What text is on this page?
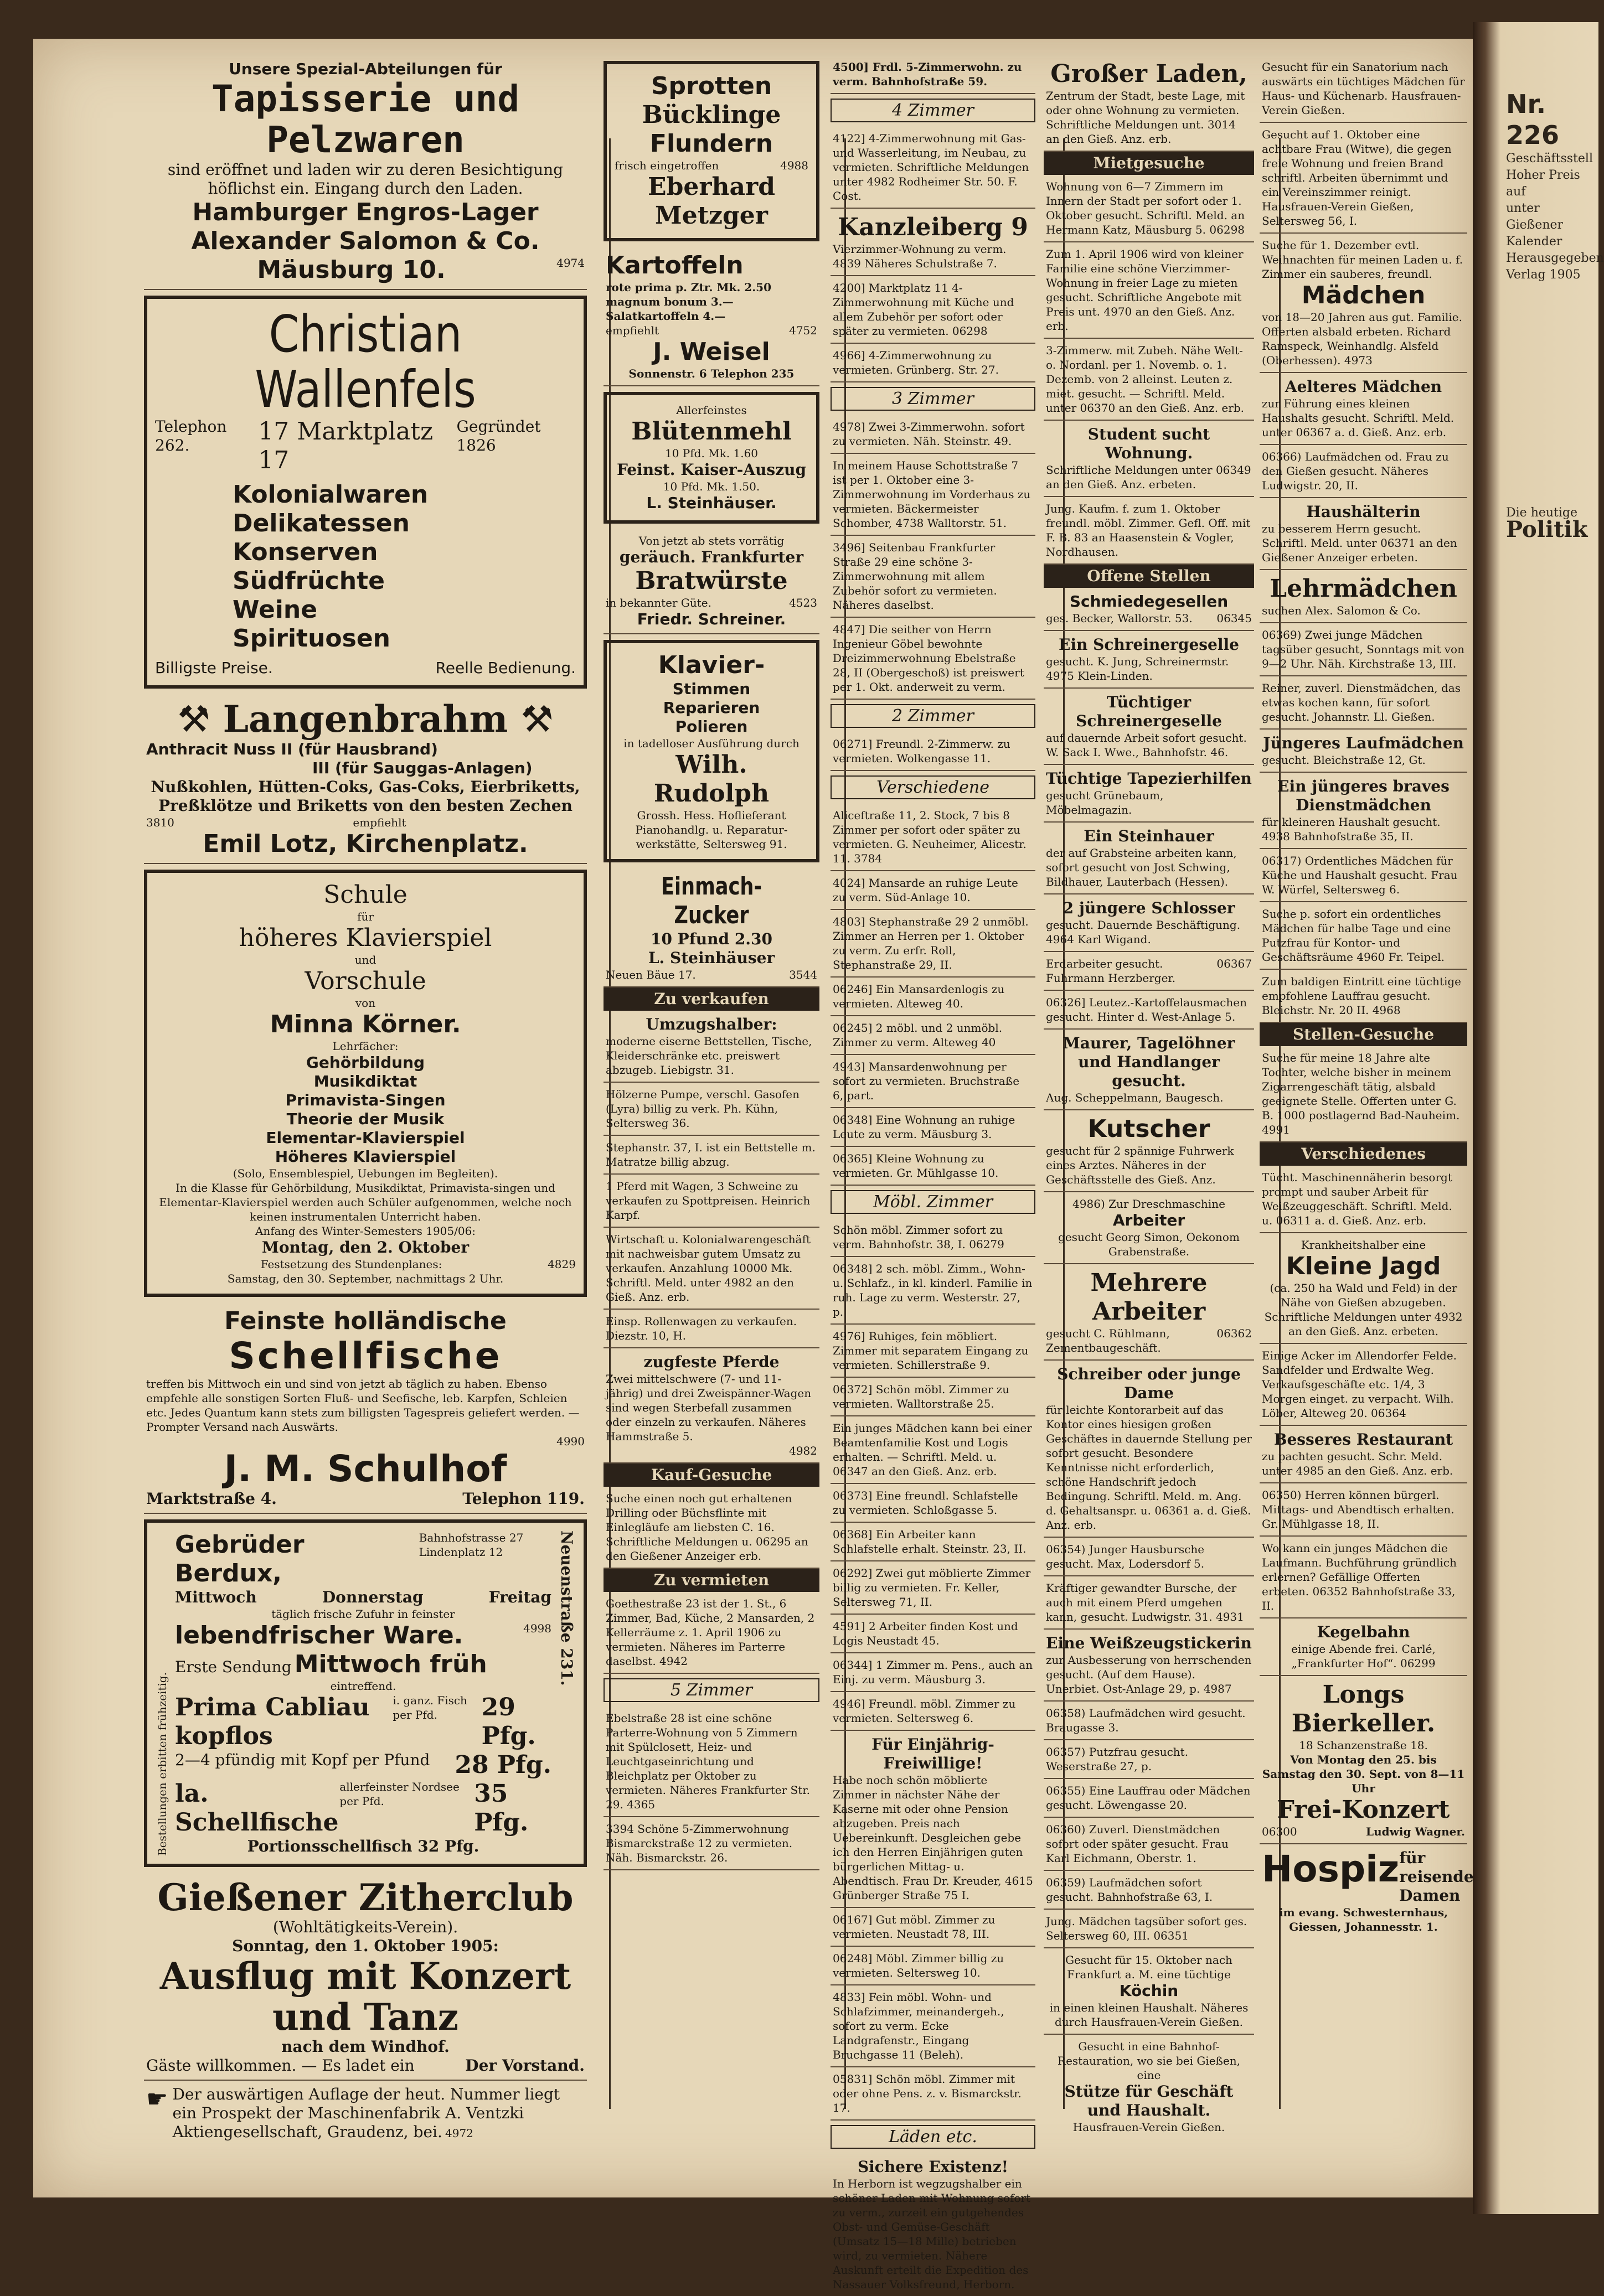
Nr. 226
Geschäftsstell
Hoher Preis auf
unter Gießener
Kalender
Herausgegeben
Verlag 1905
Die heutige
Politik
Unsere Spezial-Abteilungen für
Tapisserie und Pelzwaren
sind eröffnet und laden wir zu deren Besichtigung höflichst ein. Eingang durch den Laden.
Hamburger Engros-Lager
Alexander Salomon & Co.
Mäusburg 10.	4974
Christian Wallenfels
Telephon 262.	17 Marktplatz 17
Gegründet 1826
Kolonialwaren
Delikatessen
Konserven
Südfrüchte
Weine
Spirituosen
Billigste Preise.	Reelle Bedienung.
⚒ Langenbrahm ⚒
Anthracit Nuss II (für Hausbrand)
III (für Sauggas-Anlagen)
Nußkohlen, Hütten-Coks, Gas-Coks, Eierbriketts, Preßklötze und Briketts von den besten Zechen
3810	empfiehlt
Emil Lotz, Kirchenplatz.
Schule
für
höheres Klavierspiel
und
Vorschule
von
Minna Körner.
Lehrfächer:
Gehörbildung
Musikdiktat
Primavista-Singen
Theorie der Musik
Elementar-Klavierspiel
Höheres Klavierspiel
(Solo, Ensemblespiel, Uebungen im Begleiten).
In die Klasse für Gehörbildung, Musikdiktat, Primavista-singen und Elementar-Klavierspiel werden auch Schüler aufgenommen, welche noch keinen instrumentalen Unterricht haben.
Anfang des Winter-Semesters 1905/06:
Montag, den 2. Oktober
Festsetzung des Stundenplanes:	4829
Samstag, den 30. September, nachmittags 2 Uhr.
Feinste holländische
Schellfische
treffen bis Mittwoch ein und sind von jetzt ab täglich zu haben. Ebenso empfehle alle sonstigen Sorten Fluß- und Seefische, leb. Karpfen, Schleien etc. Jedes Quantum kann stets zum billigsten Tagespreis geliefert werden. — Prompter Versand nach Auswärts.
4990
J. M. Schulhof
Marktstraße 4.	Telephon 119.
Bestellungen erbitten frühzeitig.
Gebrüder Berdux,
Bahnhofstrasse 27 Lindenplatz 12
Mittwoch	Donnerstag	Freitag
täglich frische Zufuhr in feinster
lebendfrischer Ware.	4998
Erste Sendung Mittwoch früh
eintreffend.
Prima Cabliau kopflos
i. ganz. Fisch per Pfd.	29 Pfg.
2—4 pfündig mit Kopf per Pfund 28 Pfg.
la. Schellfische
allerfeinster Nordsee per Pfd.	35 Pfg.
Portionsschellfisch 32 Pfg.
Neuenstraße 231.
Gießener Zitherclub
(Wohltätigkeits-Verein).
Sonntag, den 1. Oktober 1905:
Ausflug mit Konzert und Tanz
nach dem Windhof.
Gäste willkommen. — Es ladet ein	Der Vorstand.
☛ Der auswärtigen Auflage der heut. Nummer liegt ein Prospekt der Maschinenfabrik A. Ventzki Aktiengesellschaft, Graudenz, bei. 4972
Sprotten
Bücklinge
Flundern
frisch eingetroffen	4988
Eberhard Metzger
Kartoffeln
rote prima p. Ztr. Mk. 2.50
magnum bonum 3.—
Salatkartoffeln 4.—
empfiehlt	4752
J. Weisel
Sonnenstr. 6 Telephon 235
Allerfeinstes
Blütenmehl
10 Pfd. Mk. 1.60
Feinst. Kaiser-Auszug
10 Pfd. Mk. 1.50.
L. Steinhäuser.
Von jetzt ab stets vorrätig
geräuch. Frankfurter
Bratwürste
in bekannter Güte.	4523
Friedr. Schreiner.
Klavier-
Stimmen
Reparieren
Polieren
in tadelloser Ausführung durch
Wilh. Rudolph
Grossh. Hess. Hoflieferant
Pianohandlg. u. Reparatur-werkstätte, Seltersweg 91.
Einmach-Zucker
10 Pfund 2.30
L. Steinhäuser
Neuen Bäue 17.	3544
Zu verkaufen
Umzugshalber:
moderne eiserne Bettstellen, Tische, Kleiderschränke etc. preiswert abzugeb. Liebigstr. 31.
Hölzerne Pumpe, verschl. Gasofen (Lyra) billig zu verk. Ph. Kühn, Seltersweg 36.
Stephanstr. 37, I. ist ein Bettstelle m. Matratze billig abzug.
1 Pferd mit Wagen, 3 Schweine zu verkaufen zu Spottpreisen. Heinrich Karpf.
Wirtschaft u. Kolonialwarengeschäft mit nachweisbar gutem Umsatz zu verkaufen. Anzahlung 10000 Mk. Schriftl. Meld. unter 4982 an den Gieß. Anz. erb.
Einsp. Rollenwagen zu verkaufen. Diezstr. 10, H.
zugfeste Pferde
Zwei mittelschwere (7- und 11-jährig) und drei Zweispänner-Wagen sind wegen Sterbefall zusammen oder einzeln zu verkaufen. Näheres Hammstraße 5.
4982
Kauf-Gesuche
Suche einen noch gut erhaltenen Drilling oder Büchsflinte mit Einlegläufe am liebsten C. 16. Schriftliche Meldungen u. 06295 an den Gießener Anzeiger erb.
Zu vermieten
Goethestraße 23 ist der 1. St., 6 Zimmer, Bad, Küche, 2 Mansarden, 2 Kellerräume z. 1. April 1906 zu vermieten. Näheres im Parterre daselbst. 4942
5 Zimmer
Ebelstraße 28 ist eine schöne Parterre-Wohnung von 5 Zimmern mit Spülclosett, Heiz- und Leuchtgaseinrichtung und Bleichplatz per Oktober zu vermieten. Näheres Frankfurter Str. 29. 4365
3394 Schöne 5-Zimmerwohnung Bismarckstraße 12 zu vermieten. Näh. Bismarckstr. 26.
4500] Frdl. 5-Zimmerwohn. zu verm. Bahnhofstraße 59.
4 Zimmer
4122] 4-Zimmerwohnung mit Gas- und Wasserleitung, im Neubau, zu vermieten. Schriftliche Meldungen unter 4982 Rodheimer Str. 50. F. Cost.
Kanzleiberg 9
Vierzimmer-Wohnung zu verm. 4839 Näheres Schulstraße 7.
4200] Marktplatz 11 4-Zimmerwohnung mit Küche und allem Zubehör per sofort oder später zu vermieten. 06298
4966] 4-Zimmerwohnung zu vermieten. Grünberg. Str. 27.
3 Zimmer
4978] Zwei 3-Zimmerwohn. sofort zu vermieten. Näh. Steinstr. 49.
In meinem Hause Schottstraße 7 ist per 1. Oktober eine 3-Zimmerwohnung im Vorderhaus zu vermieten. Bäckermeister Schomber, 4738 Walltorstr. 51.
3496] Seitenbau Frankfurter Straße 29 eine schöne 3-Zimmerwohnung mit allem Zubehör sofort zu vermieten. Näheres daselbst.
4847] Die seither von Herrn Ingenieur Göbel bewohnte Dreizimmerwohnung Ebelstraße 28, II (Obergeschoß) ist preiswert per 1. Okt. anderweit zu verm.
2 Zimmer
06271] Freundl. 2-Zimmerw. zu vermieten. Wolkengasse 11.
Verschiedene
Aliceftraße 11, 2. Stock, 7 bis 8 Zimmer per sofort oder später zu vermieten. G. Neuheimer, Alicestr. 11. 3784
4024] Mansarde an ruhige Leute zu verm. Süd-Anlage 10.
4803] Stephanstraße 29 2 unmöbl. Zimmer an Herren per 1. Oktober zu verm. Zu erfr. Roll, Stephanstraße 29, II.
06246] Ein Mansardenlogis zu vermieten. Alteweg 40.
06245] 2 möbl. und 2 unmöbl. Zimmer zu verm. Alteweg 40
4943] Mansardenwohnung per sofort zu vermieten. Bruchstraße 6, part.
06348] Eine Wohnung an ruhige Leute zu verm. Mäusburg 3.
06365] Kleine Wohnung zu vermieten. Gr. Mühlgasse 10.
Möbl. Zimmer
Schön möbl. Zimmer sofort zu verm. Bahnhofstr. 38, I. 06279
06348] 2 sch. möbl. Zimm., Wohn- u. Schlafz., in kl. kinderl. Familie in ruh. Lage zu verm. Westerstr. 27, p.
4976] Ruhiges, fein möbliert. Zimmer mit separatem Eingang zu vermieten. Schillerstraße 9.
06372] Schön möbl. Zimmer zu vermieten. Walltorstraße 25.
Ein junges Mädchen kann bei einer Beamtenfamilie Kost und Logis erhalten. — Schriftl. Meld. u. 06347 an den Gieß. Anz. erb.
06373] Eine freundl. Schlafstelle zu vermieten. Schloßgasse 5.
06368] Ein Arbeiter kann Schlafstelle erhalt. Steinstr. 23, II.
06292] Zwei gut möblierte Zimmer billig zu vermieten. Fr. Keller, Seltersweg 71, II.
4591] 2 Arbeiter finden Kost und Logis Neustadt 45.
06344] 1 Zimmer m. Pens., auch an Einj. zu verm. Mäusburg 3.
4946] Freundl. möbl. Zimmer zu vermieten. Seltersweg 6.
Für Einjährig-Freiwillige!
Habe noch schön möblierte Zimmer in nächster Nähe der Kaserne mit oder ohne Pension abzugeben. Preis nach Uebereinkunft. Desgleichen gebe ich den Herren Einjährigen guten bürgerlichen Mittag- u. Abendtisch. Frau Dr. Kreuder, 4615 Grünberger Straße 75 I.
06167] Gut möbl. Zimmer zu vermieten. Neustadt 78, III.
06248] Möbl. Zimmer billig zu vermieten. Seltersweg 10.
4833] Fein möbl. Wohn- und Schlafzimmer, meinandergeh., sofort zu verm. Ecke Landgrafenstr., Eingang Bruchgasse 11 (Beleh).
05831] Schön möbl. Zimmer mit oder ohne Pens. z. v. Bismarckstr. 17.
Läden etc.
Sichere Existenz!
In Herborn ist wegzugshalber ein schöner Laden mit Wohnung sofort zu verm., zurzeit ein gutgehendes Obst- und Gemüse-Geschäft (Umsatz 15—18 Mille) betrieben wird, zu vermieten. Nähere Auskunft erteilt die Expedition des Nassauer Volksfreund, Herborn.
Großer Laden,
Zentrum der Stadt, beste Lage, mit oder ohne Wohnung zu vermieten. Schriftliche Meldungen unt. 3014 an den Gieß. Anz. erb.
Mietgesuche
Wohnung von 6—7 Zimmern im Innern der Stadt per sofort oder 1. Oktober gesucht. Schriftl. Meld. an Hermann Katz, Mäusburg 5. 06298
Zum 1. April 1906 wird von kleiner Familie eine schöne Vierzimmer-Wohnung in freier Lage zu mieten gesucht. Schriftliche Angebote mit Preis unt. 4970 an den Gieß. Anz. erb.
3-Zimmerw. mit Zubeh. Nähe Welt- o. Nordanl. per 1. Novemb. o. 1. Dezemb. von 2 alleinst. Leuten z. miet. gesucht. — Schriftl. Meld. unter 06370 an den Gieß. Anz. erb.
Student sucht Wohnung.
Schriftliche Meldungen unter 06349 an den Gieß. Anz. erbeten.
Jung. Kaufm. f. zum 1. Oktober freundl. möbl. Zimmer. Gefl. Off. mit F. B. 83 an Haasenstein & Vogler, Nordhausen.
Offene Stellen
Schmiedegesellen
ges. Becker, Wallorstr. 53. 06345
Ein Schreinergeselle
gesucht. K. Jung, Schreinermstr. 4975 Klein-Linden.
Tüchtiger Schreinergeselle
auf dauernde Arbeit sofort gesucht. W. Sack I. Wwe., Bahnhofstr. 46.
Tüchtige Tapezierhilfen
gesucht Grünebaum, Möbelmagazin.
Ein Steinhauer
der auf Grabsteine arbeiten kann, sofort gesucht von Jost Schwing, Bildhauer, Lauterbach (Hessen).
2 jüngere Schlosser
gesucht. Dauernde Beschäftigung. 4964 Karl Wigand.
Erdarbeiter gesucht. Fuhrmann Herzberger.
06367
06326] Leutez.-Kartoffelausmachen gesucht. Hinter d. West-Anlage 5.
Maurer, Tagelöhner und Handlanger gesucht.
Aug. Scheppelmann, Baugesch.
Kutscher
gesucht für 2 spännige Fuhrwerk eines Arztes. Näheres in der Geschäftsstelle des Gieß. Anz.
4986) Zur Dreschmaschine
Arbeiter
gesucht Georg Simon, Oekonom Grabenstraße.
Mehrere Arbeiter
gesucht C. Rühlmann, Zementbaugeschäft.
06362
Schreiber oder junge Dame
für leichte Kontorarbeit auf das Kontor eines hiesigen großen Geschäftes in dauernde Stellung per sofort gesucht. Besondere Kenntnisse nicht erforderlich, schöne Handschrift jedoch Bedingung. Schriftl. Meld. m. Ang. d. Gehaltsanspr. u. 06361 a. d. Gieß. Anz. erb.
06354) Junger Hausbursche gesucht. Max, Lodersdorf 5.
Kräftiger gewandter Bursche, der auch mit einem Pferd umgehen kann, gesucht. Ludwigstr. 31. 4931
Eine Weißzeugstickerin
zur Ausbesserung von herrschenden gesucht. (Auf dem Hause). Unerbiet. Ost-Anlage 29, p. 4987
06358) Laufmädchen wird gesucht. Braugasse 3.
06357) Putzfrau gesucht. Weserstraße 27, p.
06355) Eine Lauffrau oder Mädchen gesucht. Löwengasse 20.
06360) Zuverl. Dienstmädchen sofort oder später gesucht. Frau Karl Eichmann, Oberstr. 1.
06359) Laufmädchen sofort gesucht. Bahnhofstraße 63, I.
Jung. Mädchen tagsüber sofort ges. Seltersweg 60, III. 06351
Gesucht für 15. Oktober nach Frankfurt a. M. eine tüchtige
Köchin
in einen kleinen Haushalt. Näheres durch Hausfrauen-Verein Gießen.
Gesucht in eine Bahnhof-Restauration, wo sie bei Gießen, eine
Stütze für Geschäft und Haushalt.
Hausfrauen-Verein Gießen.
Gesucht für ein Sanatorium nach auswärts ein tüchtiges Mädchen für Haus- und Küchenarb. Hausfrauen-Verein Gießen.
Gesucht auf 1. Oktober eine achtbare Frau (Witwe), die gegen freie Wohnung und freien Brand schriftl. Arbeiten übernimmt und ein Vereinszimmer reinigt. Hausfrauen-Verein Gießen, Seltersweg 56, I.
Suche für 1. Dezember evtl. Weihnachten für meinen Laden u. f. Zimmer ein sauberes, freundl.
Mädchen
von 18—20 Jahren aus gut. Familie. Offerten alsbald erbeten. Richard Ramspeck, Weinhandlg. Alsfeld (Oberhessen). 4973
Aelteres Mädchen
zur Führung eines kleinen Haushalts gesucht. Schriftl. Meld. unter 06367 a. d. Gieß. Anz. erb.
06366) Laufmädchen od. Frau zu den Gießen gesucht. Näheres Ludwigstr. 20, II.
Haushälterin
zu besserem Herrn gesucht. Schriftl. Meld. unter 06371 an den Gießener Anzeiger erbeten.
Lehrmädchen
suchen Alex. Salomon & Co.
06369) Zwei junge Mädchen tagsüber gesucht, Sonntags mit von 9—2 Uhr. Näh. Kirchstraße 13, III.
Reiner, zuverl. Dienstmädchen, das etwas kochen kann, für sofort gesucht. Johannstr. Ll. Gießen.
Jüngeres Laufmädchen
gesucht. Bleichstraße 12, Gt.
Ein jüngeres braves Dienstmädchen
für kleineren Haushalt gesucht. 4938 Bahnhofstraße 35, II.
06317) Ordentliches Mädchen für Küche und Haushalt gesucht. Frau W. Würfel, Seltersweg 6.
Suche p. sofort ein ordentliches Mädchen für halbe Tage und eine Putzfrau für Kontor- und Geschäftsräume 4960 Fr. Teipel.
Zum baldigen Eintritt eine tüchtige empfohlene Lauffrau gesucht. Bleichstr. Nr. 20 II. 4968
Stellen-Gesuche
Suche für meine 18 Jahre alte Tochter, welche bisher in meinem Zigarrengeschäft tätig, alsbald geeignete Stelle. Offerten unter G. B. 1000 postlagernd Bad-Nauheim. 4991
Verschiedenes
Tücht. Maschinennäherin besorgt prompt und sauber Arbeit für Weißzeuggeschäft. Schriftl. Meld. u. 06311 a. d. Gieß. Anz. erb.
Krankheitshalber eine
Kleine Jagd
(ca. 250 ha Wald und Feld) in der Nähe von Gießen abzugeben. Schriftliche Meldungen unter 4932 an den Gieß. Anz. erbeten.
Einige Acker im Allendorfer Felde. Sandfelder und Erdwalte Weg. Verkaufsgeschäfte etc. 1/4, 3 Morgen einget. zu verpacht. Wilh. Löber, Alteweg 20. 06364
Besseres Restaurant
zu pachten gesucht. Schr. Meld. unter 4985 an den Gieß. Anz. erb.
06350) Herren können bürgerl. Mittags- und Abendtisch erhalten. Gr. Mühlgasse 18, II.
Wo kann ein junges Mädchen die Laufmann. Buchführung gründlich erlernen? Gefällige Offerten erbeten. 06352 Bahnhofstraße 33, II.
Kegelbahn
einige Abende frei. Carlé, „Frankfurter Hof“. 06299
Longs Bierkeller.
18 Schanzenstraße 18.
Von Montag den 25. bis Samstag den 30. Sept. von 8—11 Uhr
Frei-Konzert
06300	Ludwig Wagner.
Hospiz für reisende Damen
im evang. Schwesternhaus,
Giessen, Johannesstr. 1.
